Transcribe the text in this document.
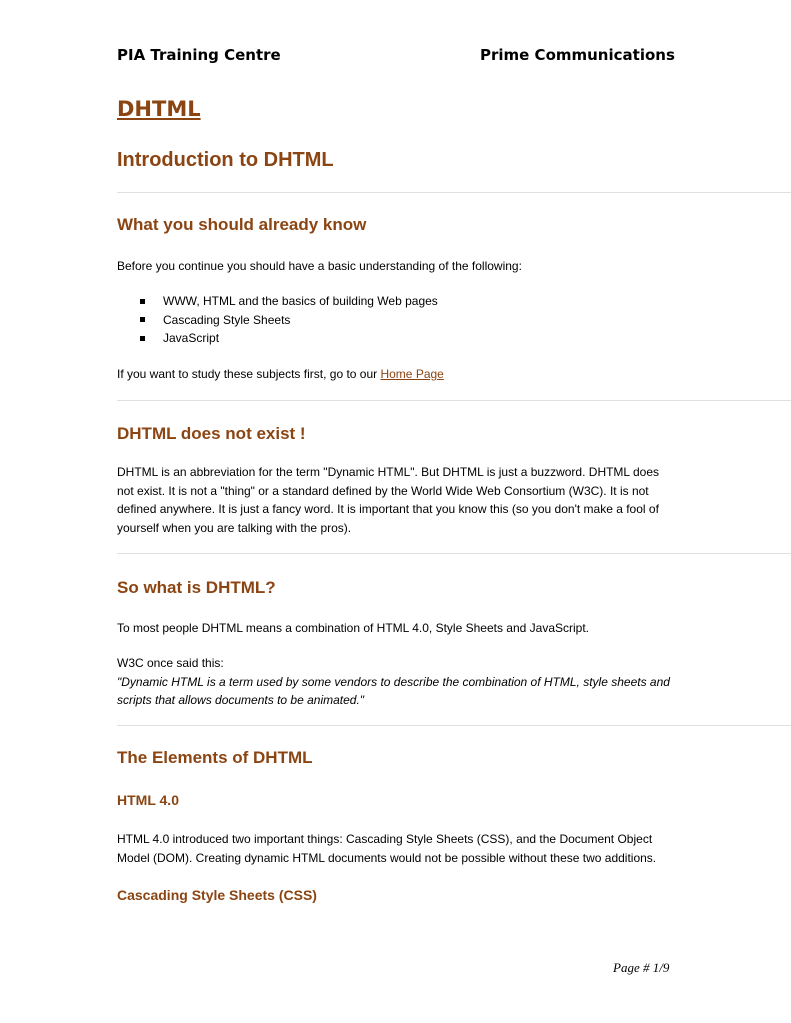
PIA Training Centre	Prime Communications
DHTML
Introduction to DHTML
What you should already know
Before you continue you should have a basic understanding of the following:
WWW, HTML and the basics of building Web pages
Cascading Style Sheets
JavaScript
If you want to study these subjects first, go to our Home Page
DHTML does not exist !
DHTML is an abbreviation for the term "Dynamic HTML". But DHTML is just a buzzword. DHTML does not exist. It is not a "thing" or a standard defined by the World Wide Web Consortium (W3C). It is not defined anywhere. It is just a fancy word. It is important that you know this (so you don't make a fool of yourself when you are talking with the pros).
So what is DHTML?
To most people DHTML means a combination of HTML 4.0, Style Sheets and JavaScript.
W3C once said this:
"Dynamic HTML is a term used by some vendors to describe the combination of HTML, style sheets and scripts that allows documents to be animated."
The Elements of DHTML
HTML 4.0
HTML 4.0 introduced two important things: Cascading Style Sheets (CSS), and the Document Object Model (DOM). Creating dynamic HTML documents would not be possible without these two additions.
Cascading Style Sheets (CSS)
Page # 1/9
